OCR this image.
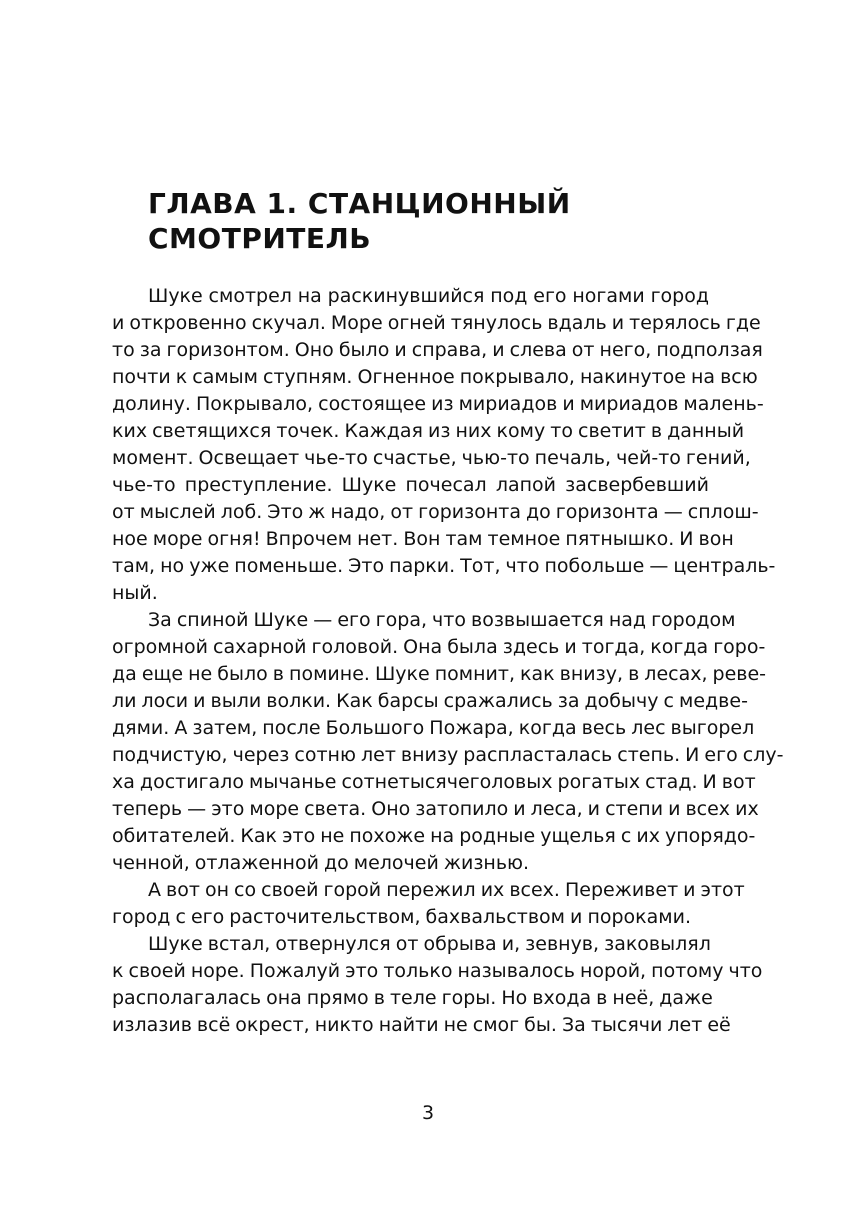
ГЛАВА 1. СТАНЦИОННЫЙ
СМОТРИТЕЛЬ
Шуке смотрел на раскинувшийся под его ногами город
и откровенно скучал. Море огней тянулось вдаль и терялось где
то за горизонтом. Оно было и справа, и слева от него, подползая
почти к самым ступням. Огненное покрывало, накинутое на всю
долину. Покрывало, состоящее из мириадов и мириадов малень-
ких светящихся точек. Каждая из них кому то светит в данный
момент. Освещает чье-то счастье, чью-то печаль, чей-то гений,
чье-то преступление. Шуке почесал лапой засвербевший
от мыслей лоб. Это ж надо, от горизонта до горизонта — сплош-
ное море огня! Впрочем нет. Вон там темное пятнышко. И вон
там, но уже поменьше. Это парки. Тот, что побольше — централь-
ный.
За спиной Шуке — его гора, что возвышается над городом
огромной сахарной головой. Она была здесь и тогда, когда горо-
да еще не было в помине. Шуке помнит, как внизу, в лесах, реве-
ли лоси и выли волки. Как барсы сражались за добычу с медве-
дями. А затем, после Большого Пожара, когда весь лес выгорел
подчистую, через сотню лет внизу распласталась степь. И его слу-
ха достигало мычанье сотнетысячеголовых рогатых стад. И вот
теперь — это море света. Оно затопило и леса, и степи и всех их
обитателей. Как это не похоже на родные ущелья с их упорядо-
ченной, отлаженной до мелочей жизнью.
А вот он со своей горой пережил их всех. Переживет и этот
город с его расточительством, бахвальством и пороками.
Шуке встал, отвернулся от обрыва и, зевнув, заковылял
к своей норе. Пожалуй это только называлось норой, потому что
располагалась она прямо в теле горы. Но входа в неё, даже
излазив всё окрест, никто найти не смог бы. За тысячи лет её
3
